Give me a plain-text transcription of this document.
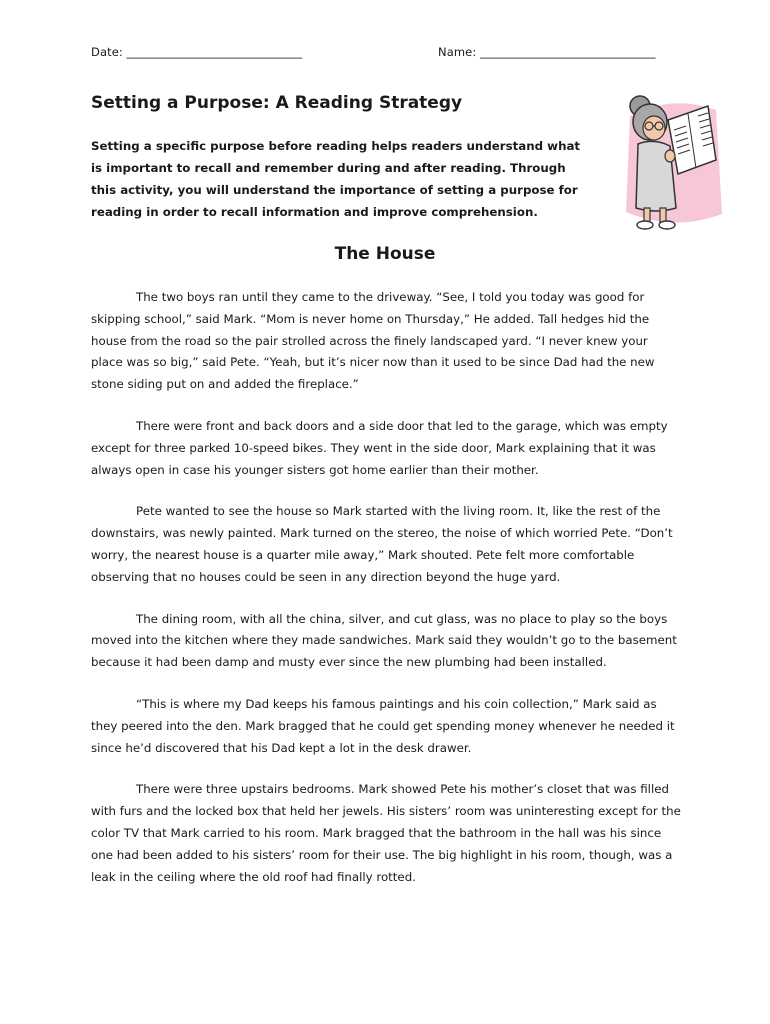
Date: ______________________________	Name: ______________________________
Setting a Purpose: A Reading Strategy

Setting a specific purpose before reading helps readers understand what is important to recall and remember during and after reading. Through this activity, you will understand the importance of setting a purpose for reading in order to recall information and improve comprehension.

The House

The two boys ran until they came to the driveway. “See, I told you today was good for skipping school,” said Mark. “Mom is never home on Thursday,” He added. Tall hedges hid the house from the road so the pair strolled across the finely landscaped yard. “I never knew your place was so big,” said Pete. “Yeah, but it’s nicer now than it used to be since Dad had the new stone siding put on and added the fireplace.”

There were front and back doors and a side door that led to the garage, which was empty except for three parked 10-speed bikes. They went in the side door, Mark explaining that it was always open in case his younger sisters got home earlier than their mother.

Pete wanted to see the house so Mark started with the living room. It, like the rest of the downstairs, was newly painted. Mark turned on the stereo, the noise of which worried Pete. “Don’t worry, the nearest house is a quarter mile away,” Mark shouted. Pete felt more comfortable observing that no houses could be seen in any direction beyond the huge yard.

The dining room, with all the china, silver, and cut glass, was no place to play so the boys moved into the kitchen where they made sandwiches. Mark said they wouldn’t go to the basement because it had been damp and musty ever since the new plumbing had been installed.

“This is where my Dad keeps his famous paintings and his coin collection,” Mark said as they peered into the den. Mark bragged that he could get spending money whenever he needed it since he’d discovered that his Dad kept a lot in the desk drawer.

There were three upstairs bedrooms. Mark showed Pete his mother’s closet that was filled with furs and the locked box that held her jewels. His sisters’ room was uninteresting except for the color TV that Mark carried to his room. Mark bragged that the bathroom in the hall was his since one had been added to his sisters’ room for their use. The big highlight in his room, though, was a leak in the ceiling where the old roof had finally rotted.
